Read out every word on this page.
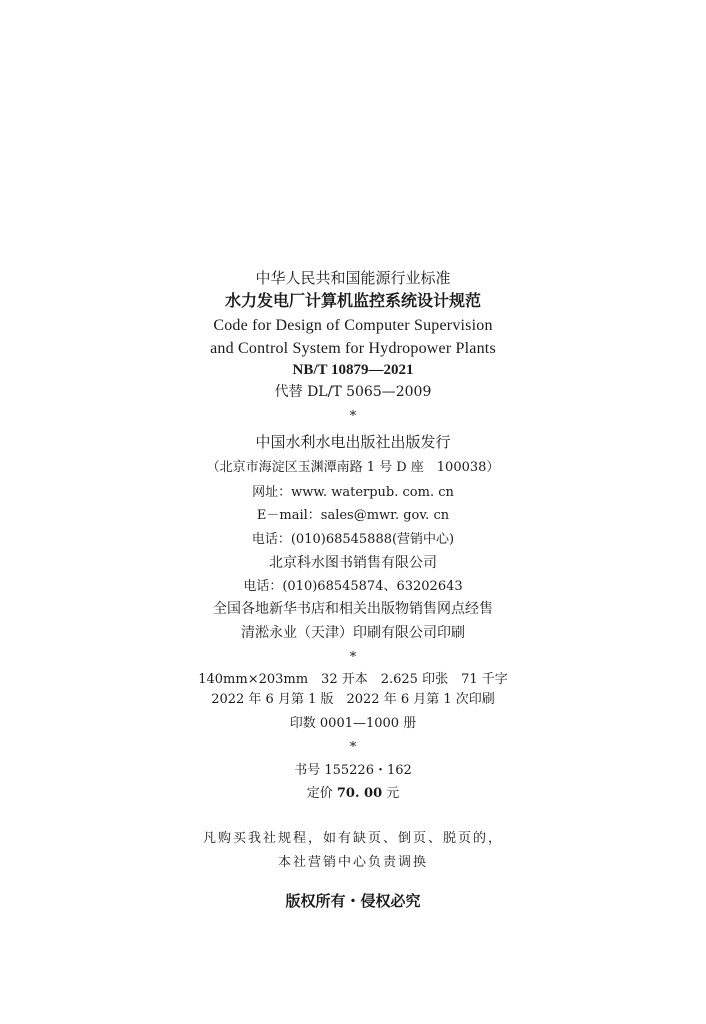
中华人民共和国能源行业标准
水力发电厂计算机监控系统设计规范
Code for Design of Computer Supervision
and Control System for Hydropower Plants
NB/T 10879—2021
代替 DL/T 5065—2009
*
中国水利水电出版社出版发行
（北京市海淀区玉渊潭南路 1 号 D 座　100038）
网址：www. waterpub. com. cn
E－mail：sales@mwr. gov. cn
电话：(010)68545888(营销中心)
北京科水图书销售有限公司
电话：(010)68545874、63202643
全国各地新华书店和相关出版物销售网点经售
清淞永业（天津）印刷有限公司印刷
*
140mm×203mm　32 开本　2.625 印张　71 千字
2022 年 6 月第 1 版　2022 年 6 月第 1 次印刷
印数 0001—1000 册
*
书号 155226・162
定价 70. 00 元
凡购买我社规程，如有缺页、倒页、脱页的，
本社营销中心负责调换
版权所有・侵权必究
